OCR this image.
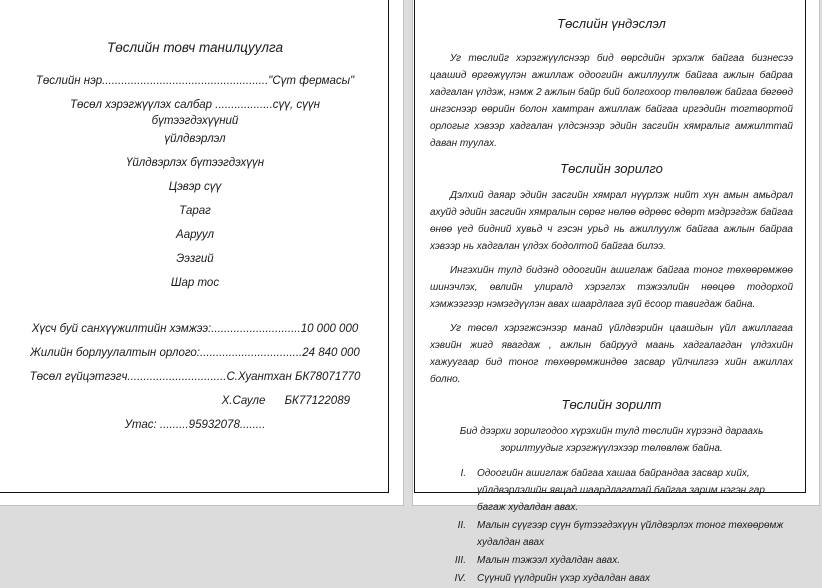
Төслийн товч танилцуулга
Төслийн нэр...................................................."Сүт фермасы"
Төсөл хэрэгжүүлэх салбар ..................сүү, сүүн бүтээгдэхүүний
үйлдвэрлэл
Үйлдвэрлэх бүтээгдэхүүн
Цэвэр сүү
Тараг
Ааруул
Ээзгий
Шар тос
Хүсч буй санхүүжилтийн хэмжээ:............................10 000 000
Жилийн борлуулалтын орлого:................................24 840 000
Төсөл гүйцэтгэгч...............................С.Хуантхан БК78071770
Х.Сауле      БК77122089
Утас: .........95932078........
Төслийн үндэслэл

Уг төслийг хэрэгжүүлснээр бид өөрсдийн эрхэлж байгаа бизнесээ цаашид өргөжүүлэн ажиллаж одоогийн ажиллуулж байгаа ажлын байраа хадгалан үлдэж, нэмж 2 ажлын байр бий болгохоор төлөвлөж байгаа бөгөөд ингэснээр өөрийн болон хамтран ажиллаж байгаа иргэдийн тогтвортой орлогыг хэвээр хадгалан үлдсэнээр эдийн засгийн хямралыг амжилттай даван туулах.

Төслийн зорилго

Дэлхий даяар эдийн засгийн хямрал нүүрлэж нийт хүн амын амьдрал ахуйд эдийн засгийн хямралын сөрөг нөлөө өдрөөс өдөрт мэдрэгдэж байгаа өнөө үед бидний хувьд ч гэсэн урьд нь ажиллуулж байгаа ажлын байраа хэвээр нь хадгалан үлдэх бодолтой байгаа билээ.

Ингэхийн тулд бидэнд одоогийн ашиглаж байгаа тоног төхөөрөмжөө шинэчлэх, өвлийн улиралд хэрэглэх тэжээлийн нөөцөө тодорхой хэмжээгээр нэмэгдүүлэн авах шаардлага зүй ёсоор тавигдаж байна.

Уг төсөл хэрэгжсэнээр манай үйлдвэрийн цаашдын үйл ажиллагаа хэвийн жигд явагдаж , ажлын байрууд маань хадгалагдан үлдэхийн хажуугаар бид тоног төхөөрөмжиндөө засвар үйлчилгээ хийн ажиллах болно.

Төслийн зорилт

Бид дээрхи зорилгодоо хүрэхийн тулд төслийн хүрээнд дараахь зорилтуудыг хэрэгжүүлэхээр төлөвлөж байна.

I. Одоогийн ашиглаж байгаа хашаа байрандаа засвар хийх, үйлдвэрлэлийн явцад шаардлагатай байгаа зарим нэгэн гар багаж худалдан авах.
II. Малын сүүгээр сүүн бүтээгдэхүүн үйлдвэрлэх тоног төхөөрөмж худалдан авах
III. Малын тэжээл худалдан авах.
IV. Сүүний үүлдрийн үхэр худалдан авах
